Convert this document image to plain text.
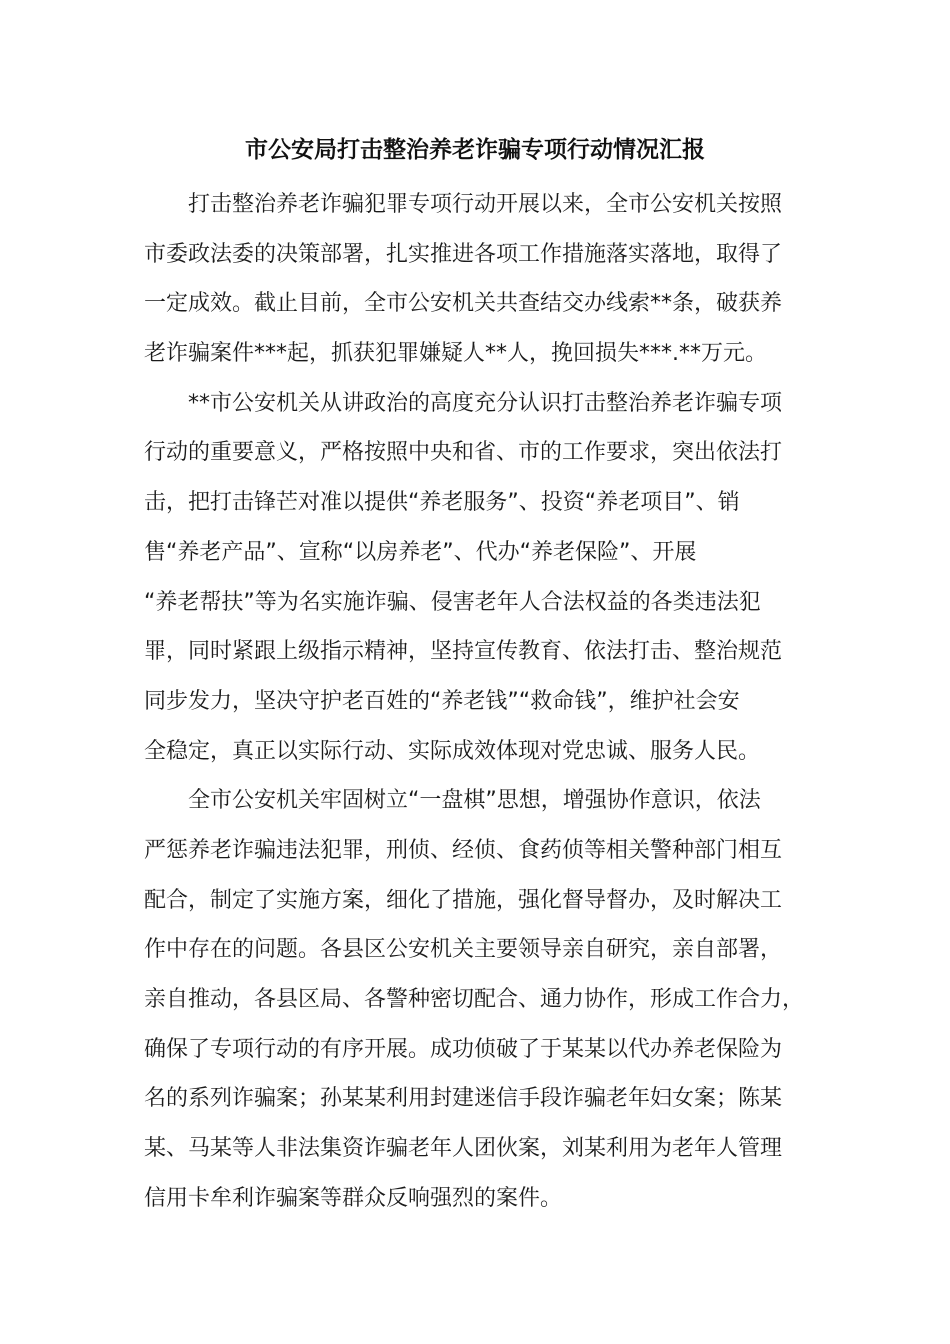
市公安局打击整治养老诈骗专项行动情况汇报
打击整治养老诈骗犯罪专项行动开展以来，全市公安机关按照
市委政法委的决策部署，扎实推进各项工作措施落实落地，取得了
一定成效。截止目前，全市公安机关共查结交办线索**条，破获养
老诈骗案件***起，抓获犯罪嫌疑人**人，挽回损失***.**万元。
**市公安机关从讲政治的高度充分认识打击整治养老诈骗专项
行动的重要意义，严格按照中央和省、市的工作要求，突出依法打
击，把打击锋芒对准以提供“养老服务”、投资“养老项目”、销
售“养老产品”、宣称“以房养老”、代办“养老保险”、开展
“养老帮扶”等为名实施诈骗、侵害老年人合法权益的各类违法犯
罪，同时紧跟上级指示精神，坚持宣传教育、依法打击、整治规范
同步发力，坚决守护老百姓的“养老钱”“救命钱”，维护社会安
全稳定，真正以实际行动、实际成效体现对党忠诚、服务人民。
全市公安机关牢固树立“一盘棋”思想，增强协作意识，依法
严惩养老诈骗违法犯罪，刑侦、经侦、食药侦等相关警种部门相互
配合，制定了实施方案，细化了措施，强化督导督办，及时解决工
作中存在的问题。各县区公安机关主要领导亲自研究，亲自部署，
亲自推动，各县区局、各警种密切配合、通力协作，形成工作合力，
确保了专项行动的有序开展。成功侦破了于某某以代办养老保险为
名的系列诈骗案；孙某某利用封建迷信手段诈骗老年妇女案；陈某
某、马某等人非法集资诈骗老年人团伙案，刘某利用为老年人管理
信用卡牟利诈骗案等群众反响强烈的案件。
